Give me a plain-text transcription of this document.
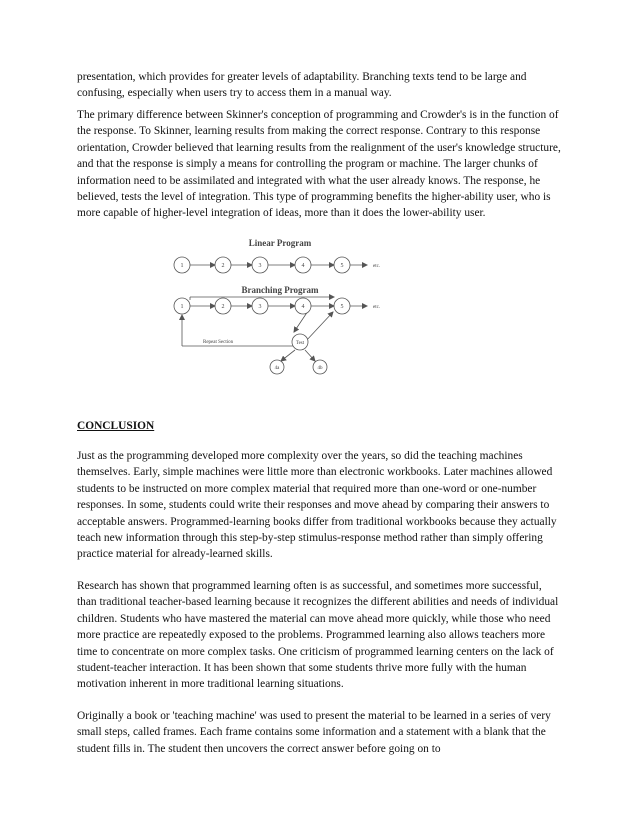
presentation, which provides for greater levels of adaptability. Branching texts tend to be large and confusing, especially when users try to access them in a manual way.

The primary difference between Skinner's conception of programming and Crowder's is in the function of the response. To Skinner, learning results from making the correct response. Contrary to this response orientation, Crowder believed that learning results from the realignment of the user's knowledge structure, and that the response is simply a means for controlling the program or machine. The larger chunks of information need to be assimilated and integrated with what the user already knows. The response, he believed, tests the level of integration. This type of programming benefits the higher-ability user, who is more capable of higher-level integration of ideas, more than it does the lower-ability user.

Linear Program
1	2	3	4	5	etc.
Branching Program
1	2	3	4	5	etc.
Test
Repeat Section
4a	4b
CONCLUSION

Just as the programming developed more complexity over the years, so did the teaching machines themselves. Early, simple machines were little more than electronic workbooks. Later machines allowed students to be instructed on more complex material that required more than one-word or one-number responses. In some, students could write their responses and move ahead by comparing their answers to acceptable answers. Programmed-learning books differ from traditional workbooks because they actually teach new information through this step-by-step stimulus-response method rather than simply offering practice material for already-learned skills.

Research has shown that programmed learning often is as successful, and sometimes more successful, than traditional teacher-based learning because it recognizes the different abilities and needs of individual children. Students who have mastered the material can move ahead more quickly, while those who need more practice are repeatedly exposed to the problems. Programmed learning also allows teachers more time to concentrate on more complex tasks. One criticism of programmed learning centers on the lack of student-teacher interaction. It has been shown that some students thrive more fully with the human motivation inherent in more traditional learning situations.

Originally a book or 'teaching machine' was used to present the material to be learned in a series of very small steps, called frames. Each frame contains some information and a statement with a blank that the student fills in. The student then uncovers the correct answer before going on to
